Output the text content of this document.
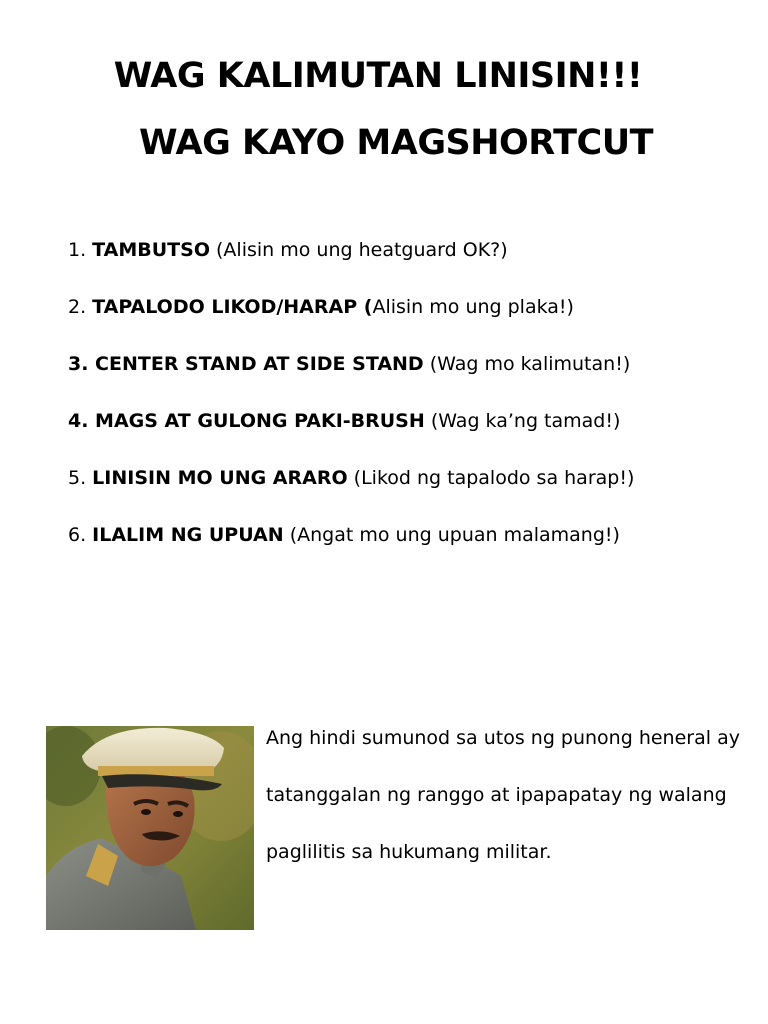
WAG KALIMUTAN LINISIN!!!
WAG KAYO MAGSHORTCUT
1. TAMBUTSO (Alisin mo ung heatguard OK?)
2. TAPALODO LIKOD/HARAP (Alisin mo ung plaka!)
3. CENTER STAND AT SIDE STAND (Wag mo kalimutan!)
4. MAGS AT GULONG PAKI-BRUSH (Wag ka’ng tamad!)
5. LINISIN MO UNG ARARO (Likod ng tapalodo sa harap!)
6. ILALIM NG UPUAN (Angat mo ung upuan malamang!)
Ang hindi sumunod sa utos ng punong heneral ay
tatanggalan ng ranggo at ipapapatay ng walang
paglilitis sa hukumang militar.
